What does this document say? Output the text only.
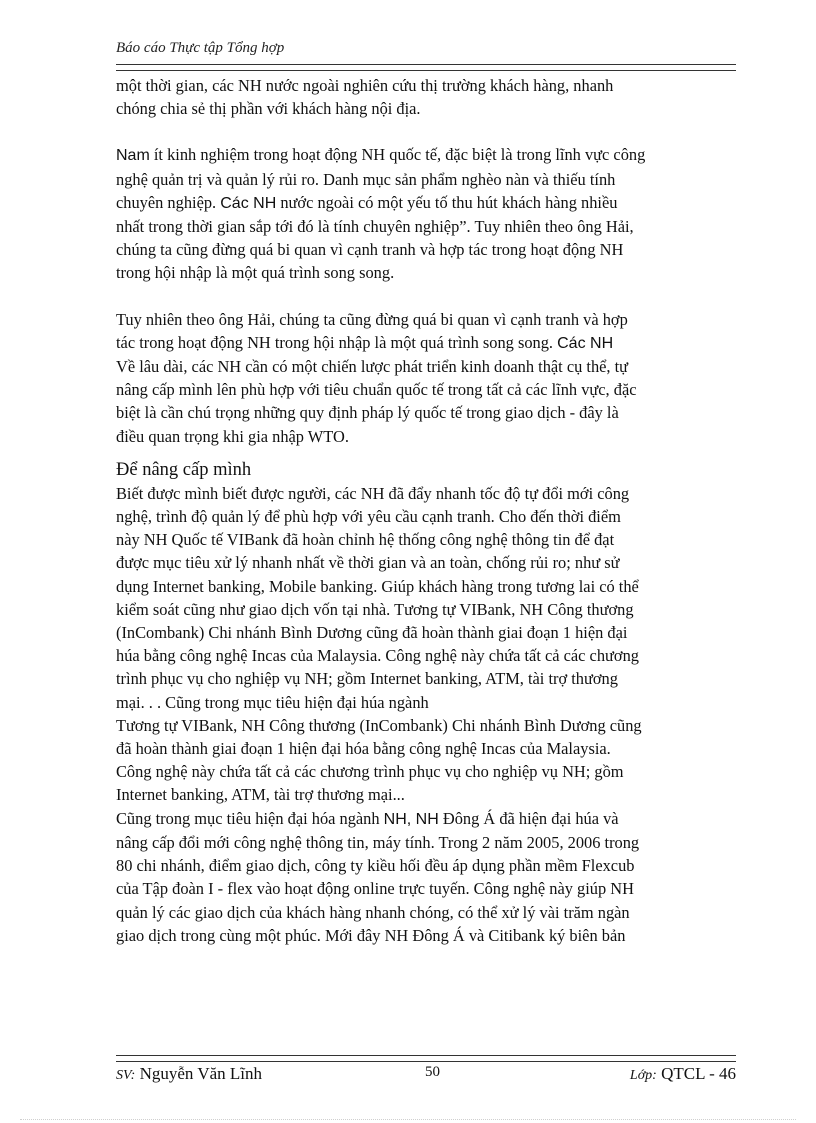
Báo cáo Thực tập Tổng hợp

một thời gian, các NH nước ngoài nghiên cứu thị trường khách hàng, nhanh
chóng chia sẻ thị phần với khách hàng nội địa.

Nam ít kinh nghiệm trong hoạt động NH quốc tế, đặc biệt là trong lĩnh vực công
nghệ quản trị và quản lý rủi ro. Danh mục sản phẩm nghèo nàn và thiếu tính
chuyên nghiệp. Các NH nước ngoài có một yếu tố thu hút khách hàng nhiều
nhất trong thời gian sắp tới đó là tính chuyên nghiệp”. Tuy nhiên theo ông Hải,
chúng ta cũng đừng quá bi quan vì cạnh tranh và hợp tác trong hoạt động NH
trong hội nhập là một quá trình song song.

Tuy nhiên theo ông Hải, chúng ta cũng đừng quá bi quan vì cạnh tranh và hợp
tác trong hoạt động NH trong hội nhập là một quá trình song song. Các NH
Về lâu dài, các NH cần có một chiến lược phát triển kinh doanh thật cụ thể, tự
nâng cấp mình lên phù hợp với tiêu chuẩn quốc tế trong tất cả các lĩnh vực, đặc
biệt là cần chú trọng những quy định pháp lý quốc tế trong giao dịch - đây là
điều quan trọng khi gia nhập WTO.

Để nâng cấp mình

Biết được mình biết được người, các NH đã đẩy nhanh tốc độ tự đổi mới công
nghệ, trình độ quản lý để phù hợp với yêu cầu cạnh tranh. Cho đến thời điểm
này NH Quốc tế VIBank đã hoàn chỉnh hệ thống công nghệ thông tin để đạt
được mục tiêu xử lý nhanh nhất về thời gian và an toàn, chống rủi ro; như sử
dụng Internet banking, Mobile banking. Giúp khách hàng trong tương lai có thể
kiểm soát cũng như giao dịch vốn tại nhà. Tương tự VIBank, NH Công thương
(InCombank) Chi nhánh Bình Dương cũng đã hoàn thành giai đoạn 1 hiện đại
húa bằng công nghệ Incas của Malaysia. Công nghệ này chứa tất cả các chương
trình phục vụ cho nghiệp vụ NH; gồm Internet banking, ATM, tài trợ thương
mại. . . Cũng trong mục tiêu hiện đại húa ngành
Tương tự VIBank, NH Công thương (InCombank) Chi nhánh Bình Dương cũng
đã hoàn thành giai đoạn 1 hiện đại hóa bằng công nghệ Incas của Malaysia.
Công nghệ này chứa tất cả các chương trình phục vụ cho nghiệp vụ NH; gồm
Internet banking, ATM, tài trợ thương mại...
Cũng trong mục tiêu hiện đại hóa ngành NH, NH Đông Á đã hiện đại húa và
nâng cấp đổi mới công nghệ thông tin, máy tính. Trong 2 năm 2005, 2006 trong
80 chi nhánh, điểm giao dịch, công ty kiều hối đều áp dụng phần mềm Flexcub
của Tập đoàn I - flex vào hoạt động online trực tuyến. Công nghệ này giúp NH
quản lý các giao dịch của khách hàng nhanh chóng, có thể xử lý vài trăm ngàn
giao dịch trong cùng một phúc. Mới đây NH Đông Á và Citibank ký biên bản

SV: Nguyễn Văn Lĩnh	50	Lớp: QTCL - 46
